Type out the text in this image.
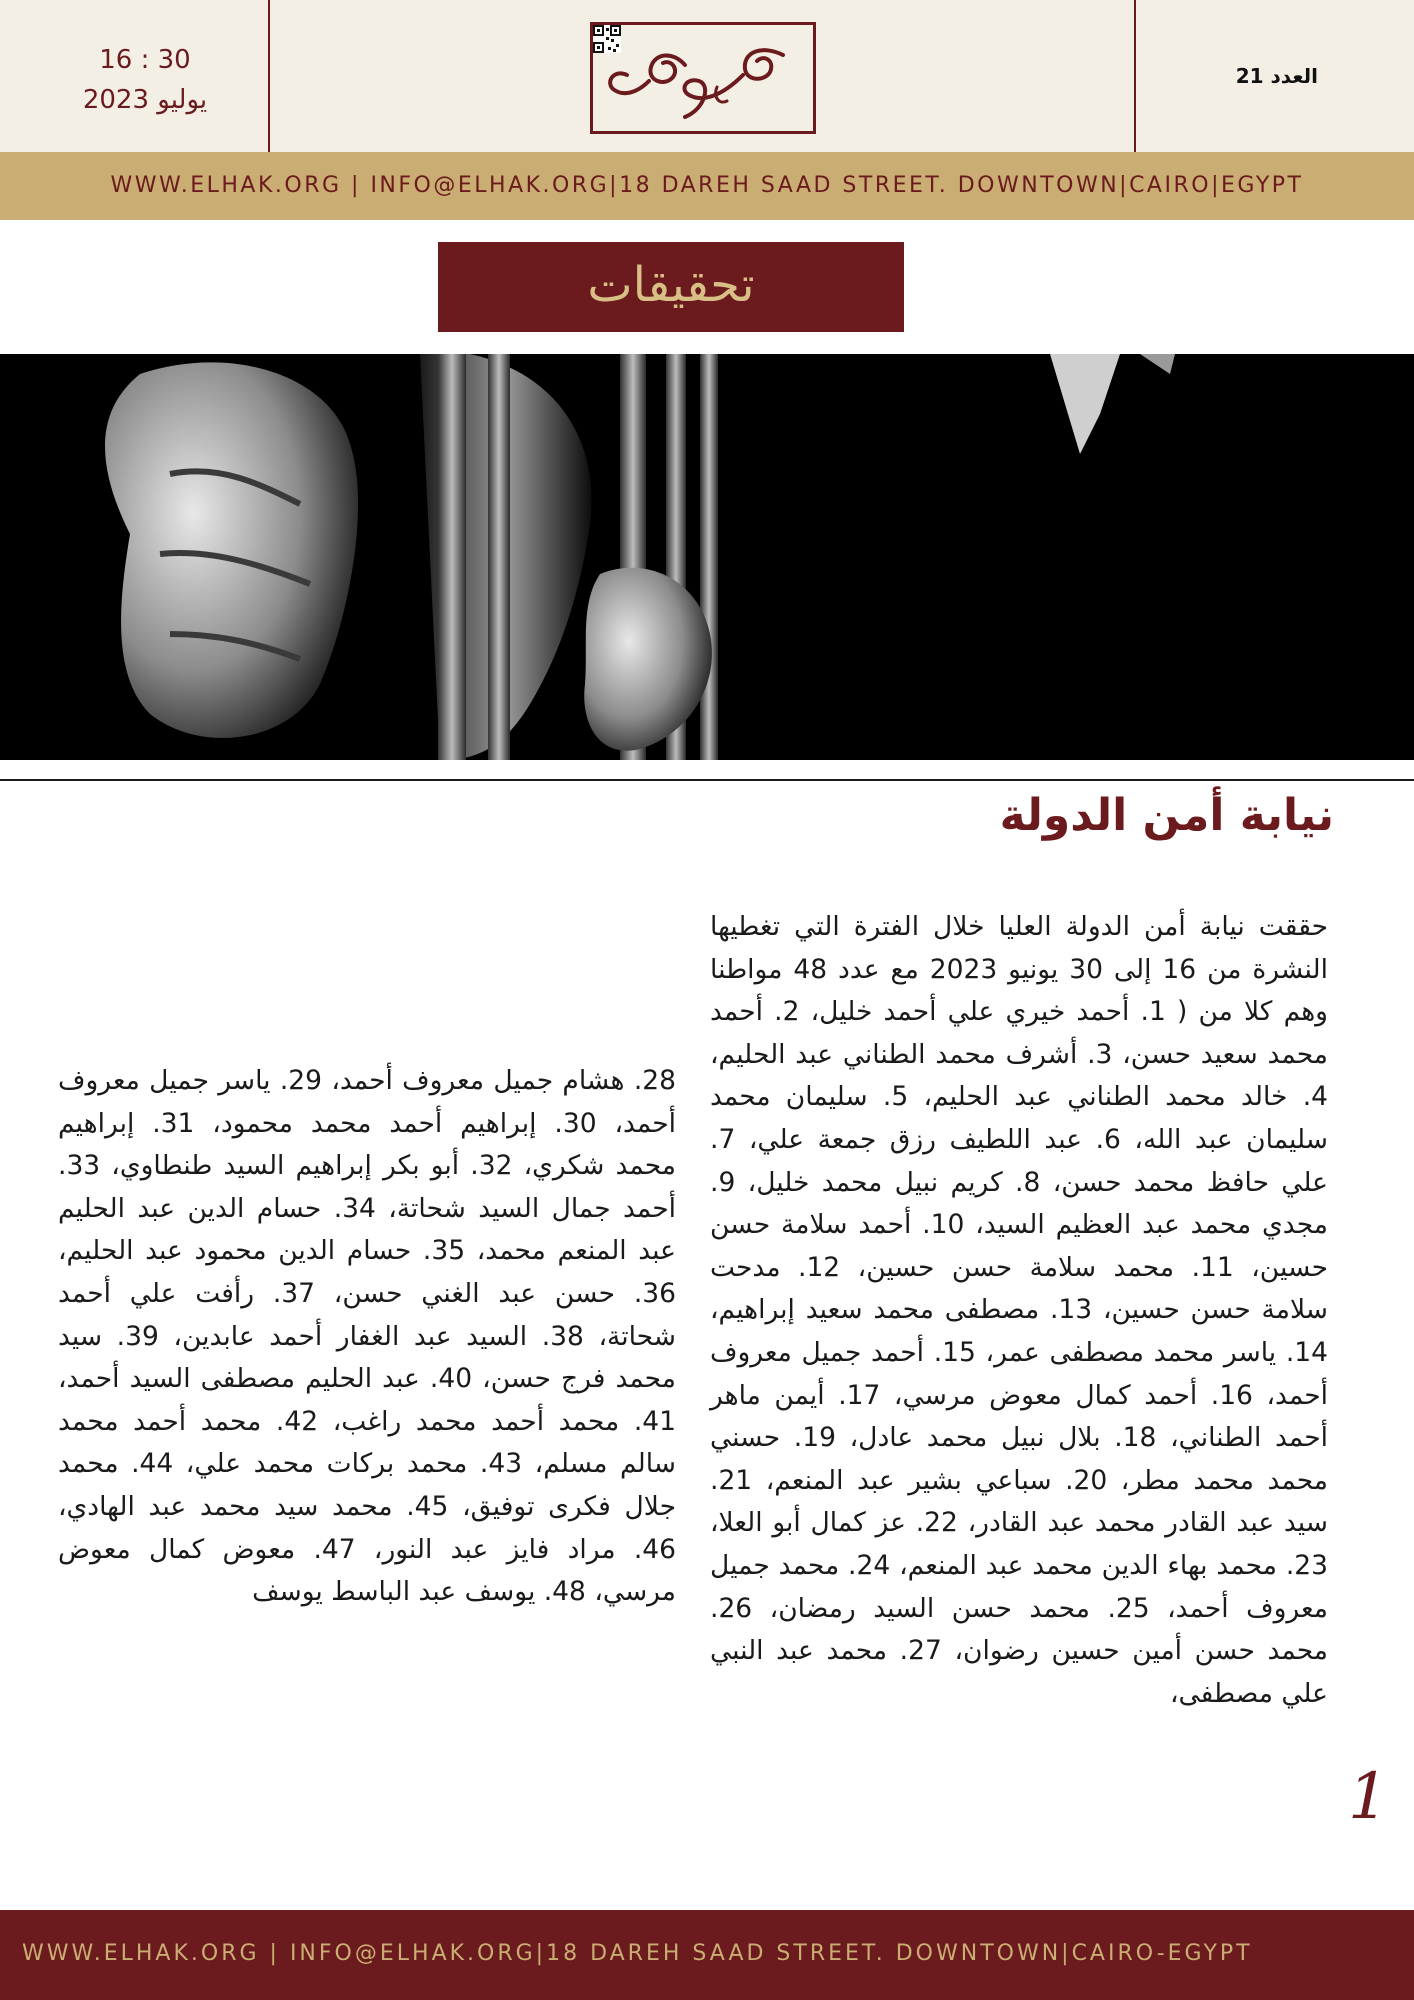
العدد 21
16 : 30
يوليو 2023
WWW.ELHAK.ORG | INFO@ELHAK.ORG|18 DAREH SAAD STREET. DOWNTOWN|CAIRO|EGYPT
تحقيقات
نيابة أمن الدولة

حققت نيابة أمن الدولة العليا خلال الفترة التي تغطيها النشرة من 16 إلى 30 يونيو 2023 مع عدد 48 مواطنا وهم كلا من ( 1. أحمد خيري علي أحمد خليل، 2. أحمد محمد سعيد حسن، 3. أشرف محمد الطناني عبد الحليم، 4. خالد محمد الطناني عبد الحليم، 5. سليمان محمد سليمان عبد الله، 6. عبد اللطيف رزق جمعة علي، 7. علي حافظ محمد حسن، 8. كريم نبيل محمد خليل، 9. مجدي محمد عبد العظيم السيد، 10. أحمد سلامة حسن حسين، 11. محمد سلامة حسن حسين، 12. مدحت سلامة حسن حسين، 13. مصطفى محمد سعيد إبراهيم، 14. ياسر محمد مصطفى عمر، 15. أحمد جميل معروف أحمد، 16. أحمد كمال معوض مرسي، 17. أيمن ماهر أحمد الطناني، 18. بلال نبيل محمد عادل، 19. حسني محمد محمد مطر، 20. سباعي بشير عبد المنعم، 21. سيد عبد القادر محمد عبد القادر، 22. عز كمال أبو العلا، 23. محمد بهاء الدين محمد عبد المنعم، 24. محمد جميل معروف أحمد، 25. محمد حسن السيد رمضان، 26. محمد حسن أمين حسين رضوان، 27. محمد عبد النبي علي مصطفى،

28. هشام جميل معروف أحمد، 29. ياسر جميل معروف أحمد، 30. إبراهيم أحمد محمد محمود، 31. إبراهيم محمد شكري، 32. أبو بكر إبراهيم السيد طنطاوي، 33. أحمد جمال السيد شحاتة، 34. حسام الدين عبد الحليم عبد المنعم محمد، 35. حسام الدين محمود عبد الحليم، 36. حسن عبد الغني حسن، 37. رأفت علي أحمد شحاتة، 38. السيد عبد الغفار أحمد عابدين، 39. سيد محمد فرج حسن، 40. عبد الحليم مصطفى السيد أحمد، 41. محمد أحمد محمد راغب، 42. محمد أحمد محمد سالم مسلم، 43. محمد بركات محمد علي، 44. محمد جلال فكرى توفيق، 45. محمد سيد محمد عبد الهادي، 46. مراد فايز عبد النور، 47. معوض كمال معوض مرسي، 48. يوسف عبد الباسط يوسف

1
WWW.ELHAK.ORG | INFO@ELHAK.ORG|18 DAREH SAAD STREET. DOWNTOWN|CAIRO-EGYPT
